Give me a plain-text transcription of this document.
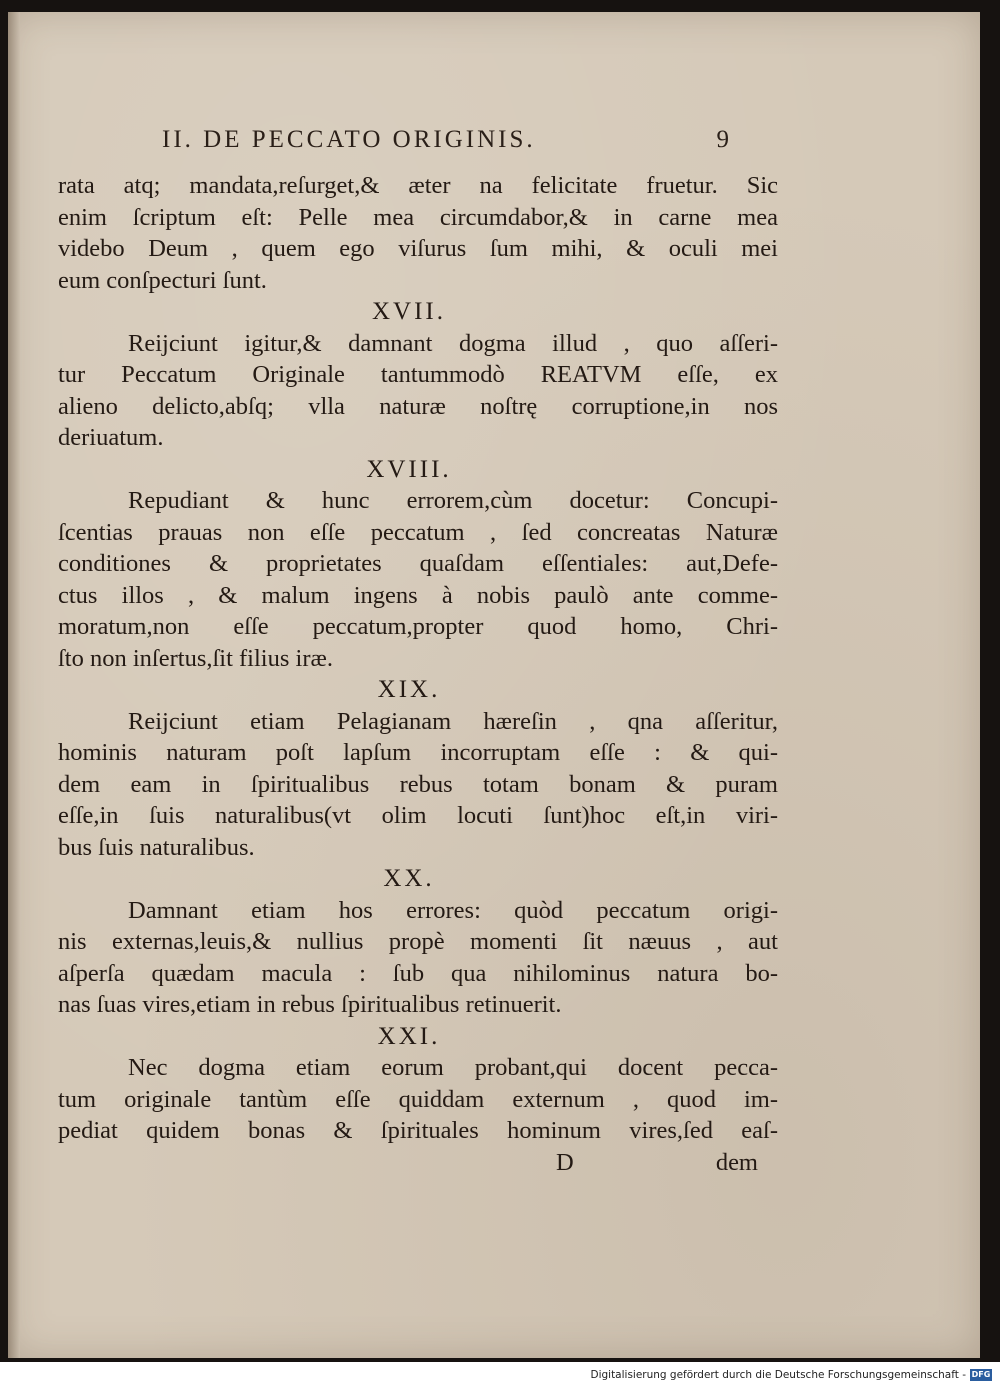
II. DE PECCATO ORIGINIS.	9
rata atq; mandata,reſurget,& æter na felicitate fruetur. Sic
enim ſcriptum eſt: Pelle mea circumdabor,& in carne mea
videbo Deum , quem ego viſurus ſum mihi, & oculi mei
eum conſpecturi ſunt.
XVII.
Reijciunt igitur,& damnant dogma illud , quo aſſeri-
tur Peccatum Originale tantummodò REATVM eſſe, ex
alieno delicto,abſq; vlla naturæ noſtrę corruptione,in nos
deriuatum.
XVIII.
Repudiant & hunc errorem,cùm docetur: Concupi-
ſcentias prauas non eſſe peccatum , ſed concreatas Naturæ
conditiones & proprietates quaſdam eſſentiales: aut,Defe-
ctus illos , & malum ingens à nobis paulò ante comme-
moratum,non eſſe peccatum,propter quod homo, Chri-
ſto non inſertus,ſit filius iræ.
XIX.
Reijciunt etiam Pelagianam hæreſin , qna aſſeritur,
hominis naturam poſt lapſum incorruptam eſſe : & qui-
dem eam in ſpiritualibus rebus totam bonam & puram
eſſe,in ſuis naturalibus(vt olim locuti ſunt)hoc eſt,in viri-
bus ſuis naturalibus.
XX.
Damnant etiam hos errores: quòd peccatum origi-
nis externas,leuis,& nullius propè momenti ſit næuus , aut
aſperſa quædam macula : ſub qua nihilominus natura bo-
nas ſuas vires,etiam in rebus ſpiritualibus retinuerit.
XXI.
Nec dogma etiam eorum probant,qui docent pecca-
tum originale tantùm eſſe quiddam externum , quod im-
pediat quidem bonas & ſpirituales hominum vires,ſed eaſ-
D	dem
Digitalisierung gefördert durch die Deutsche Forschungsgemeinschaft - DFG
